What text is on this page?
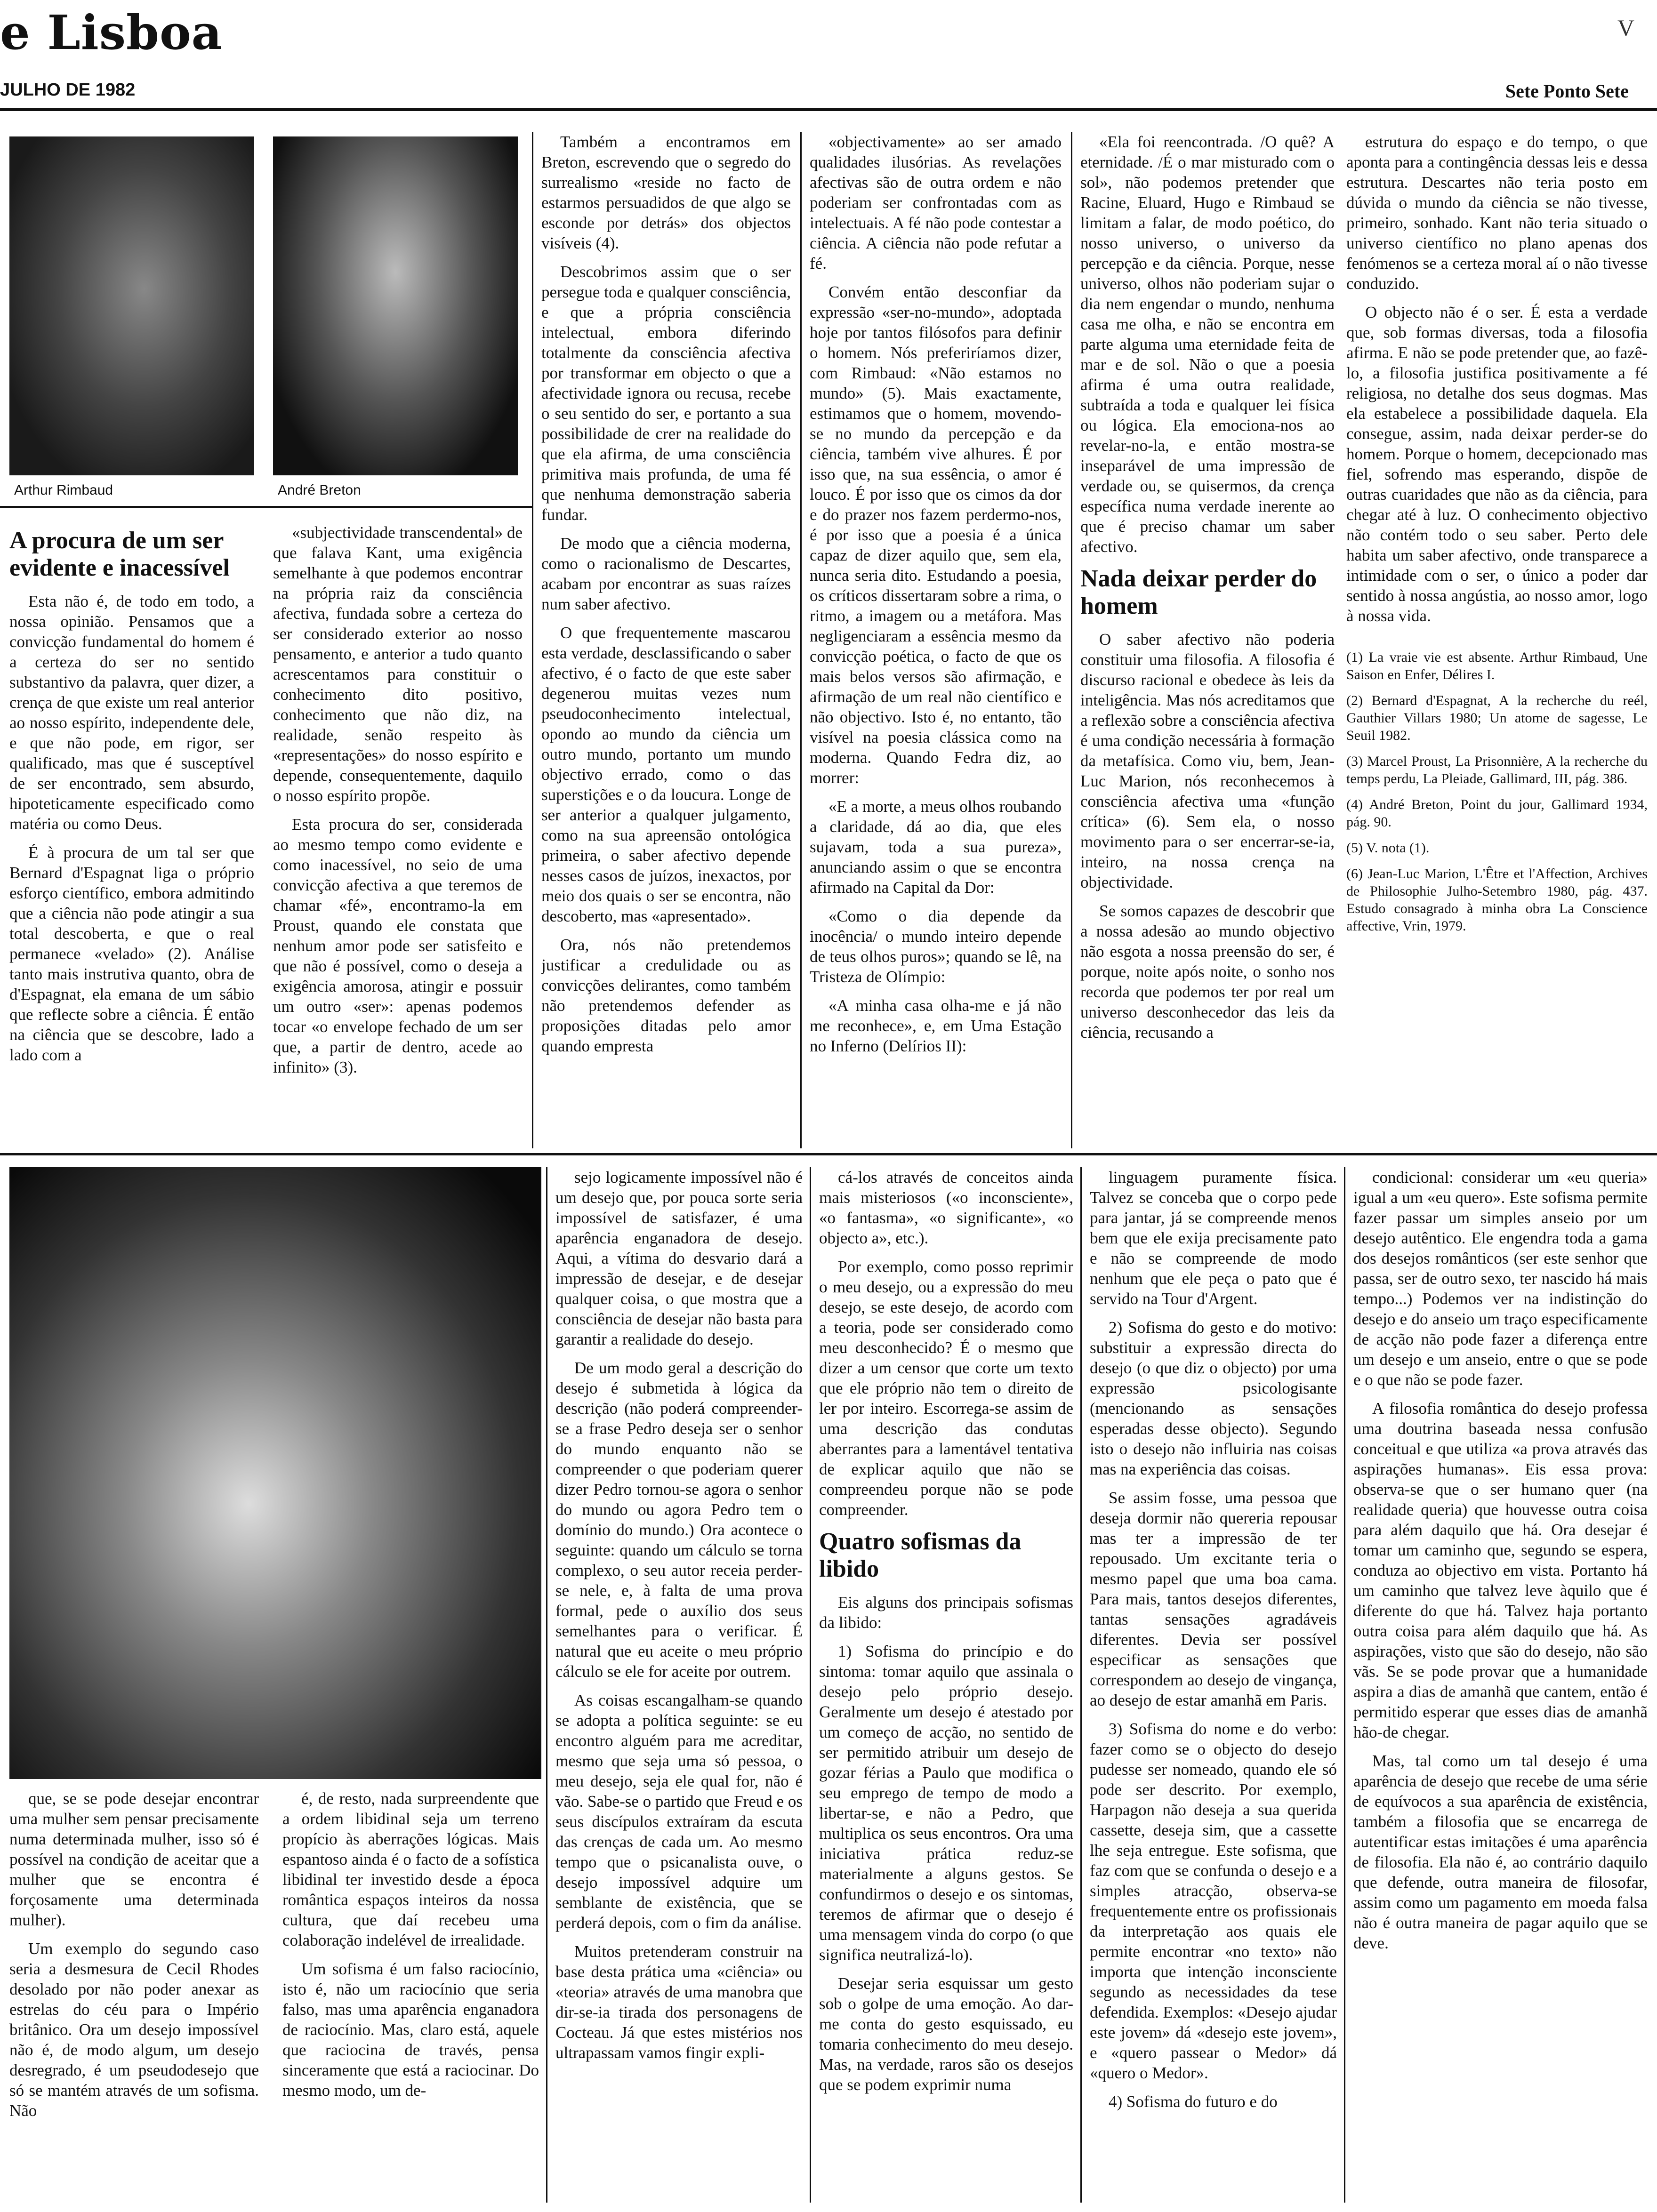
e Lisboa	V
JULHO DE 1982	Sete Ponto Sete
Arthur Rimbaud	André Breton
A procura de um ser evidente e inacessível

Esta não é, de todo em todo, a nossa opinião. Pensamos que a convicção fundamental do homem é a certeza do ser no sentido substantivo da palavra, quer dizer, a crença de que existe um real anterior ao nosso espírito, independente dele, e que não pode, em rigor, ser qualificado, mas que é susceptível de ser encontrado, sem absurdo, hipoteticamente especificado como matéria ou como Deus.

É à procura de um tal ser que Bernard d'Espagnat liga o próprio esforço científico, embora admitindo que a ciência não pode atingir a sua total descoberta, e que o real permanece «velado» (2). Análise tanto mais instrutiva quanto, obra de d'Espagnat, ela emana de um sábio que reflecte sobre a ciência. É então na ciência que se descobre, lado a lado com a

«subjectividade transcendental» de que falava Kant, uma exigência semelhante à que podemos encontrar na própria raiz da consciência afectiva, fundada sobre a certeza do ser considerado exterior ao nosso pensamento, e anterior a tudo quanto acrescentamos para constituir o conhecimento dito positivo, conhecimento que não diz, na realidade, senão respeito às «representações» do nosso espírito e depende, consequentemente, daquilo o nosso espírito propõe.

Esta procura do ser, considerada ao mesmo tempo como evidente e como inacessível, no seio de uma convicção afectiva a que teremos de chamar «fé», encontramo-la em Proust, quando ele constata que nenhum amor pode ser satisfeito e que não é possível, como o deseja a exigência amorosa, atingir e possuir um outro «ser»: apenas podemos tocar «o envelope fechado de um ser que, a partir de dentro, acede ao infinito» (3).

Também a encontramos em Breton, escrevendo que o segredo do surrealismo «reside no facto de estarmos persuadidos de que algo se esconde por detrás» dos objectos visíveis (4).

Descobrimos assim que o ser persegue toda e qualquer consciência, e que a própria consciência intelectual, embora diferindo totalmente da consciência afectiva por transformar em objecto o que a afectividade ignora ou recusa, recebe o seu sentido do ser, e portanto a sua possibilidade de crer na realidade do que ela afirma, de uma consciência primitiva mais profunda, de uma fé que nenhuma demonstração saberia fundar.

De modo que a ciência moderna, como o racionalismo de Descartes, acabam por encontrar as suas raízes num saber afectivo.

O que frequentemente mascarou esta verdade, desclassificando o saber afectivo, é o facto de que este saber degenerou muitas vezes num pseudoconhecimento intelectual, opondo ao mundo da ciência um outro mundo, portanto um mundo objectivo errado, como o das superstições e o da loucura. Longe de ser anterior a qualquer julgamento, como na sua apreensão ontológica primeira, o saber afectivo depende nesses casos de juízos, inexactos, por meio dos quais o ser se encontra, não descoberto, mas «apresentado».

Ora, nós não pretendemos justificar a credulidade ou as convicções delirantes, como também não pretendemos defender as proposições ditadas pelo amor quando empresta

«objectivamente» ao ser amado qualidades ilusórias. As revelações afectivas são de outra ordem e não poderiam ser confrontadas com as intelectuais. A fé não pode contestar a ciência. A ciência não pode refutar a fé.

Convém então desconfiar da expressão «ser-no-mundo», adoptada hoje por tantos filósofos para definir o homem. Nós preferiríamos dizer, com Rimbaud: «Não estamos no mundo» (5). Mais exactamente, estimamos que o homem, movendo-se no mundo da percepção e da ciência, também vive alhures. É por isso que, na sua essência, o amor é louco. É por isso que os cimos da dor e do prazer nos fazem perdermo-nos, é por isso que a poesia é a única capaz de dizer aquilo que, sem ela, nunca seria dito. Estudando a poesia, os críticos dissertaram sobre a rima, o ritmo, a imagem ou a metáfora. Mas negligenciaram a essência mesmo da convicção poética, o facto de que os mais belos versos são afirmação, e afirmação de um real não científico e não objectivo. Isto é, no entanto, tão visível na poesia clássica como na moderna. Quando Fedra diz, ao morrer:

«E a morte, a meus olhos roubando a claridade, dá ao dia, que eles sujavam, toda a sua pureza», anunciando assim o que se encontra afirmado na Capital da Dor:

«Como o dia depende da inocência/ o mundo inteiro depende de teus olhos puros»; quando se lê, na Tristeza de Olímpio:

«A minha casa olha-me e já não me reconhece», e, em Uma Estação no Inferno (Delírios II):

«Ela foi reencontrada. /O quê? A eternidade. /É o mar misturado com o sol», não podemos pretender que Racine, Eluard, Hugo e Rimbaud se limitam a falar, de modo poético, do nosso universo, o universo da percepção e da ciência. Porque, nesse universo, olhos não poderiam sujar o dia nem engendar o mundo, nenhuma casa me olha, e não se encontra em parte alguma uma eternidade feita de mar e de sol. Não o que a poesia afirma é uma outra realidade, subtraída a toda e qualquer lei física ou lógica. Ela emociona-nos ao revelar-no-la, e então mostra-se inseparável de uma impressão de verdade ou, se quisermos, da crença específica numa verdade inerente ao que é preciso chamar um saber afectivo.

Nada deixar perder do homem

O saber afectivo não poderia constituir uma filosofia. A filosofia é discurso racional e obedece às leis da inteligência. Mas nós acreditamos que a reflexão sobre a consciência afectiva é uma condição necessária à formação da metafísica. Como viu, bem, Jean-Luc Marion, nós reconhecemos à consciência afectiva uma «função crítica» (6). Sem ela, o nosso movimento para o ser encerrar-se-ia, inteiro, na nossa crença na objectividade.

Se somos capazes de descobrir que a nossa adesão ao mundo objectivo não esgota a nossa preensão do ser, é porque, noite após noite, o sonho nos recorda que podemos ter por real um universo desconhecedor das leis da ciência, recusando a

estrutura do espaço e do tempo, o que aponta para a contingência dessas leis e dessa estrutura. Descartes não teria posto em dúvida o mundo da ciência se não tivesse, primeiro, sonhado. Kant não teria situado o universo científico no plano apenas dos fenómenos se a certeza moral aí o não tivesse conduzido.

O objecto não é o ser. É esta a verdade que, sob formas diversas, toda a filosofia afirma. E não se pode pretender que, ao fazê-lo, a filosofia justifica positivamente a fé religiosa, no detalhe dos seus dogmas. Mas ela estabelece a possibilidade daquela. Ela consegue, assim, nada deixar perder-se do homem. Porque o homem, decepcionado mas fiel, sofrendo mas esperando, dispõe de outras cuaridades que não as da ciência, para chegar até à luz. O conhecimento objectivo não contém todo o seu saber. Perto dele habita um saber afectivo, onde transparece a intimidade com o ser, o único a poder dar sentido à nossa angústia, ao nosso amor, logo à nossa vida.

(1) La vraie vie est absente. Arthur Rimbaud, Une Saison en Enfer, Délires I.

(2) Bernard d'Espagnat, A la recherche du reél, Gauthier Villars 1980; Un atome de sagesse, Le Seuil 1982.

(3) Marcel Proust, La Prisonnière, A la recherche du temps perdu, La Pleiade, Gallimard, III, pág. 386.

(4) André Breton, Point du jour, Gallimard 1934, pág. 90.

(5) V. nota (1).

(6) Jean-Luc Marion, L'Être et l'Affection, Archives de Philosophie Julho-Setembro 1980, pág. 437. Estudo consagrado à minha obra La Conscience affective, Vrin, 1979.

que, se se pode desejar encontrar uma mulher sem pensar precisamente numa determinada mulher, isso só é possível na condição de aceitar que a mulher que se encontra é forçosamente uma determinada mulher).

Um exemplo do segundo caso seria a desmesura de Cecil Rhodes desolado por não poder anexar as estrelas do céu para o Império britânico. Ora um desejo impossível não é, de modo algum, um desejo desregrado, é um pseudodesejo que só se mantém através de um sofisma. Não

é, de resto, nada surpreendente que a ordem libidinal seja um terreno propício às aberrações lógicas. Mais espantoso ainda é o facto de a sofística libidinal ter investido desde a época romântica espaços inteiros da nossa cultura, que daí recebeu uma colaboração indelével de irrealidade.

Um sofisma é um falso raciocínio, isto é, não um raciocínio que seria falso, mas uma aparência enganadora de raciocínio. Mas, claro está, aquele que raciocina de través, pensa sinceramente que está a raciocinar. Do mesmo modo, um de-

sejo logicamente impossível não é um desejo que, por pouca sorte seria impossível de satisfazer, é uma aparência enganadora de desejo. Aqui, a vítima do desvario dará a impressão de desejar, e de desejar qualquer coisa, o que mostra que a consciência de desejar não basta para garantir a realidade do desejo.

De um modo geral a descrição do desejo é submetida à lógica da descrição (não poderá compreender-se a frase Pedro deseja ser o senhor do mundo enquanto não se compreender o que poderiam querer dizer Pedro tornou-se agora o senhor do mundo ou agora Pedro tem o domínio do mundo.) Ora acontece o seguinte: quando um cálculo se torna complexo, o seu autor receia perder-se nele, e, à falta de uma prova formal, pede o auxílio dos seus semelhantes para o verificar. É natural que eu aceite o meu próprio cálculo se ele for aceite por outrem.

As coisas escangalham-se quando se adopta a política seguinte: se eu encontro alguém para me acreditar, mesmo que seja uma só pessoa, o meu desejo, seja ele qual for, não é vão. Sabe-se o partido que Freud e os seus discípulos extraíram da escuta das crenças de cada um. Ao mesmo tempo que o psicanalista ouve, o desejo impossível adquire um semblante de existência, que se perderá depois, com o fim da análise.

Muitos pretenderam construir na base desta prática uma «ciência» ou «teoria» através de uma manobra que dir-se-ia tirada dos personagens de Cocteau. Já que estes mistérios nos ultrapassam vamos fingir expli-

cá-los através de conceitos ainda mais misteriosos («o inconsciente», «o fantasma», «o significante», «o objecto a», etc.).

Por exemplo, como posso reprimir o meu desejo, ou a expressão do meu desejo, se este desejo, de acordo com a teoria, pode ser considerado como meu desconhecido? É o mesmo que dizer a um censor que corte um texto que ele próprio não tem o direito de ler por inteiro. Escorrega-se assim de uma descrição das condutas aberrantes para a lamentável tentativa de explicar aquilo que não se compreendeu porque não se pode compreender.

Quatro sofismas da libido

Eis alguns dos principais sofismas da libido:

1) Sofisma do princípio e do sintoma: tomar aquilo que assinala o desejo pelo próprio desejo. Geralmente um desejo é atestado por um começo de acção, no sentido de ser permitido atribuir um desejo de gozar férias a Paulo que modifica o seu emprego de tempo de modo a libertar-se, e não a Pedro, que multiplica os seus encontros. Ora uma iniciativa prática reduz-se materialmente a alguns gestos. Se confundirmos o desejo e os sintomas, teremos de afirmar que o desejo é uma mensagem vinda do corpo (o que significa neutralizá-lo).

Desejar seria esquissar um gesto sob o golpe de uma emoção. Ao dar-me conta do gesto esquissado, eu tomaria conhecimento do meu desejo. Mas, na verdade, raros são os desejos que se podem exprimir numa

linguagem puramente física. Talvez se conceba que o corpo pede para jantar, já se compreende menos bem que ele exija precisamente pato e não se compreende de modo nenhum que ele peça o pato que é servido na Tour d'Argent.

2) Sofisma do gesto e do motivo: substituir a expressão directa do desejo (o que diz o objecto) por uma expressão psicologisante (mencionando as sensações esperadas desse objecto). Segundo isto o desejo não influiria nas coisas mas na experiência das coisas.

Se assim fosse, uma pessoa que deseja dormir não quereria repousar mas ter a impressão de ter repousado. Um excitante teria o mesmo papel que uma boa cama. Para mais, tantos desejos diferentes, tantas sensações agradáveis diferentes. Devia ser possível especificar as sensações que correspondem ao desejo de vingança, ao desejo de estar amanhã em Paris.

3) Sofisma do nome e do verbo: fazer como se o objecto do desejo pudesse ser nomeado, quando ele só pode ser descrito. Por exemplo, Harpagon não deseja a sua querida cassette, deseja sim, que a cassette lhe seja entregue. Este sofisma, que faz com que se confunda o desejo e a simples atracção, observa-se frequentemente entre os profissionais da interpretação aos quais ele permite encontrar «no texto» não importa que intenção inconsciente segundo as necessidades da tese defendida. Exemplos: «Desejo ajudar este jovem» dá «desejo este jovem», e «quero passear o Medor» dá «quero o Medor».

4) Sofisma do futuro e do

condicional: considerar um «eu queria» igual a um «eu quero». Este sofisma permite fazer passar um simples anseio por um desejo autêntico. Ele engendra toda a gama dos desejos românticos (ser este senhor que passa, ser de outro sexo, ter nascido há mais tempo...) Podemos ver na indistinção do desejo e do anseio um traço especificamente de acção não pode fazer a diferença entre um desejo e um anseio, entre o que se pode e o que não se pode fazer.

A filosofia romântica do desejo professa uma doutrina baseada nessa confusão conceitual e que utiliza «a prova através das aspirações humanas». Eis essa prova: observa-se que o ser humano quer (na realidade queria) que houvesse outra coisa para além daquilo que há. Ora desejar é tomar um caminho que, segundo se espera, conduza ao objectivo em vista. Portanto há um caminho que talvez leve àquilo que é diferente do que há. Talvez haja portanto outra coisa para além daquilo que há. As aspirações, visto que são do desejo, não são vãs. Se se pode provar que a humanidade aspira a dias de amanhã que cantem, então é permitido esperar que esses dias de amanhã hão-de chegar.

Mas, tal como um tal desejo é uma aparência de desejo que recebe de uma série de equívocos a sua aparência de existência, também a filosofia que se encarrega de autentificar estas imitações é uma aparência de filosofia. Ela não é, ao contrário daquilo que defende, outra maneira de filosofar, assim como um pagamento em moeda falsa não é outra maneira de pagar aquilo que se deve.
